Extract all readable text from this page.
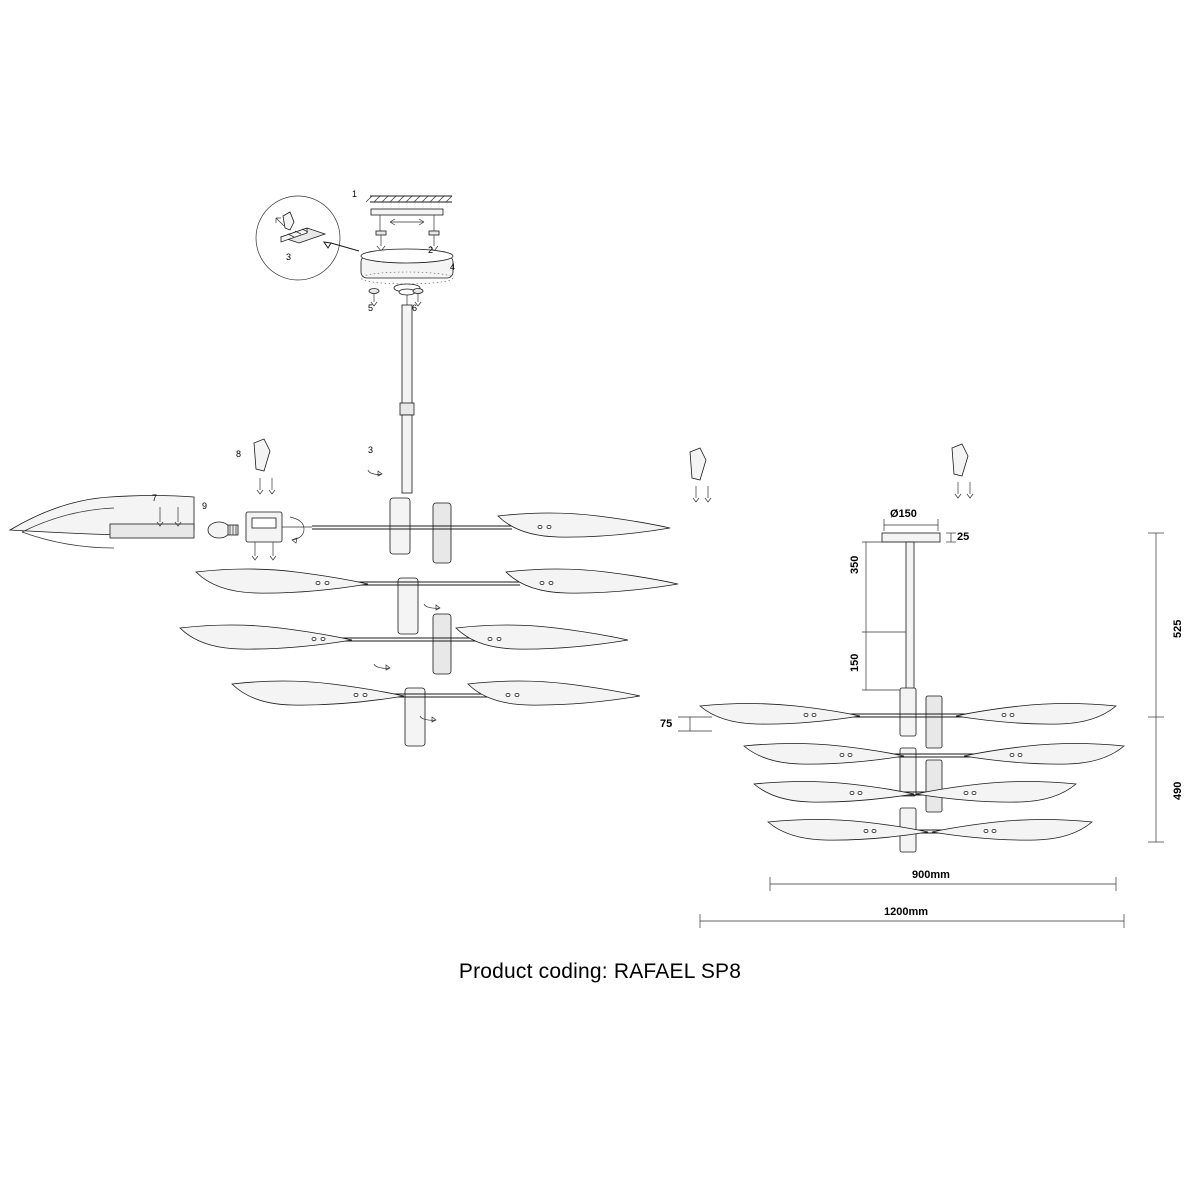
1
2
3
4
5	6
3
8
7
9
Ø150
25
350
150
75
525
490
900mm
1200mm
Product coding: RAFAEL SP8
